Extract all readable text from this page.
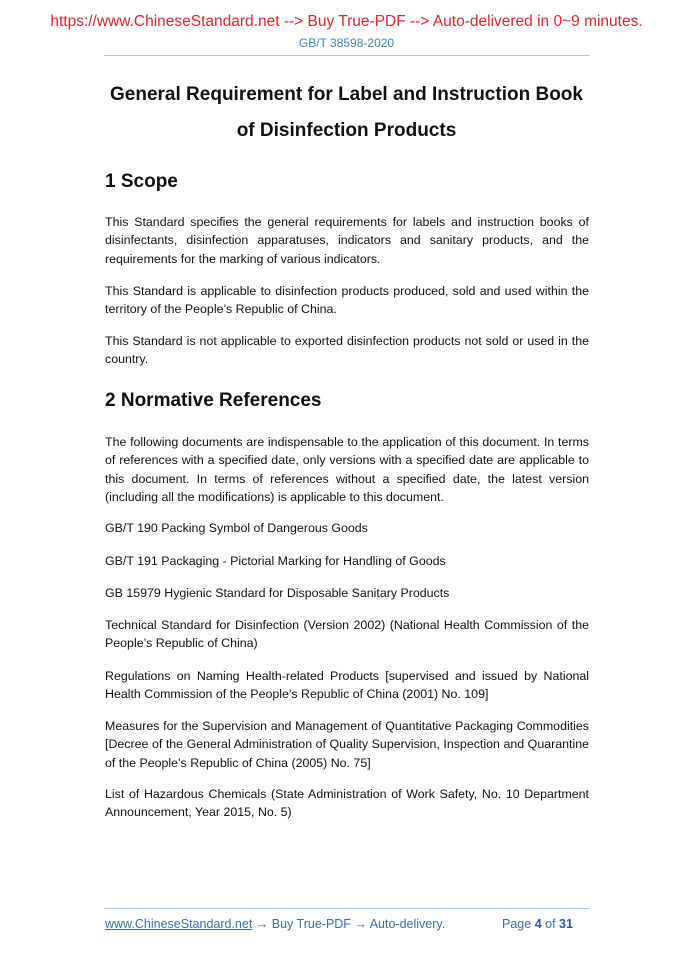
https://www.ChineseStandard.net --> Buy True-PDF --> Auto-delivered in 0~9 minutes.
GB/T 38598-2020
General Requirement for Label and Instruction Book
of Disinfection Products
1 Scope
This Standard specifies the general requirements for labels and instruction books of disinfectants, disinfection apparatuses, indicators and sanitary products, and the requirements for the marking of various indicators.
This Standard is applicable to disinfection products produced, sold and used within the territory of the People’s Republic of China.
This Standard is not applicable to exported disinfection products not sold or used in the country.
2 Normative References
The following documents are indispensable to the application of this document. In terms of references with a specified date, only versions with a specified date are applicable to this document. In terms of references without a specified date, the latest version (including all the modifications) is applicable to this document.
GB/T 190 Packing Symbol of Dangerous Goods
GB/T 191 Packaging - Pictorial Marking for Handling of Goods
GB 15979 Hygienic Standard for Disposable Sanitary Products
Technical Standard for Disinfection (Version 2002) (National Health Commission of the People’s Republic of China)
Regulations on Naming Health-related Products [supervised and issued by National Health Commission of the People’s Republic of China (2001) No. 109]
Measures for the Supervision and Management of Quantitative Packaging Commodities [Decree of the General Administration of Quality Supervision, Inspection and Quarantine of the People’s Republic of China (2005) No. 75]
List of Hazardous Chemicals (State Administration of Work Safety, No. 10 Department Announcement, Year 2015, No. 5)
www.ChineseStandard.net → Buy True-PDF → Auto-delivery.	Page 4 of 31
